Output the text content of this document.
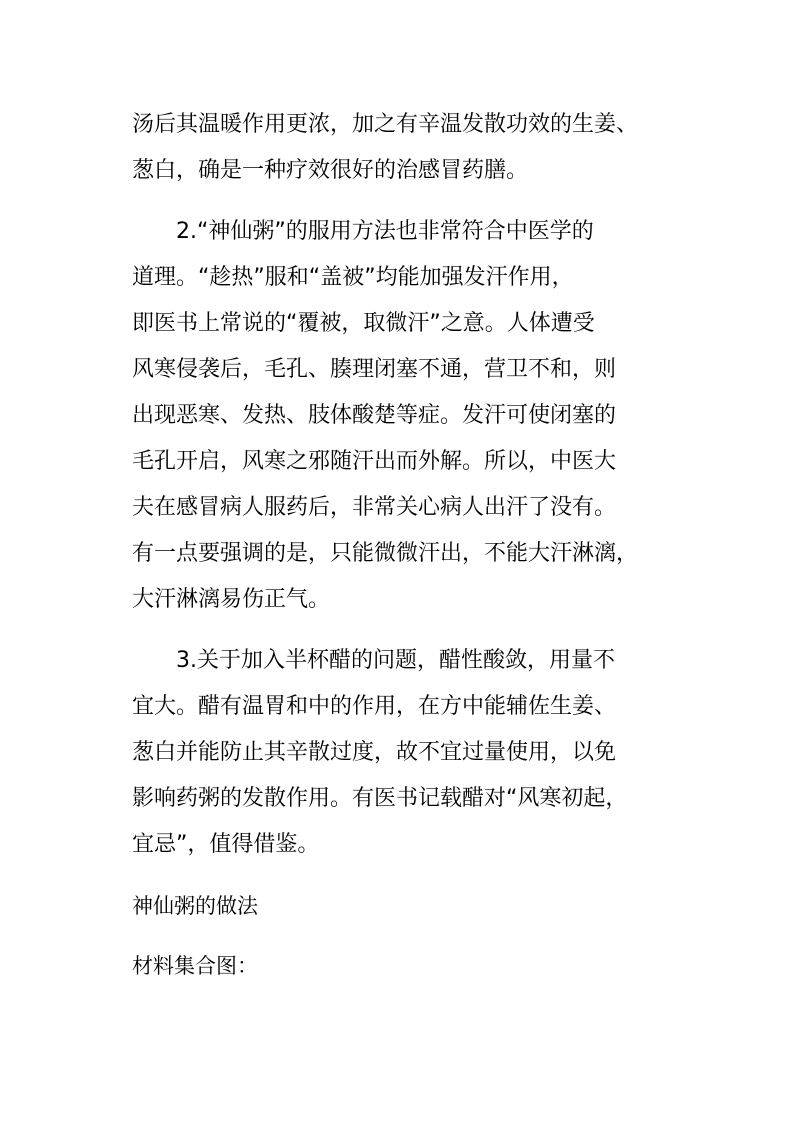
汤后其温暖作用更浓，加之有辛温发散功效的生姜、
葱白，确是一种疗效很好的治感冒药膳。
2.“神仙粥”的服用方法也非常符合中医学的
道理。“趁热”服和“盖被”均能加强发汗作用，
即医书上常说的“覆被，取微汗”之意。人体遭受
风寒侵袭后，毛孔、腠理闭塞不通，营卫不和，则
出现恶寒、发热、肢体酸楚等症。发汗可使闭塞的
毛孔开启，风寒之邪随汗出而外解。所以，中医大
夫在感冒病人服药后，非常关心病人出汗了没有。
有一点要强调的是，只能微微汗出，不能大汗淋漓，
大汗淋漓易伤正气。
3.关于加入半杯醋的问题，醋性酸敛，用量不
宜大。醋有温胃和中的作用，在方中能辅佐生姜、
葱白并能防止其辛散过度，故不宜过量使用，以免
影响药粥的发散作用。有医书记载醋对“风寒初起，
宜忌”，值得借鉴。
神仙粥的做法
材料集合图：
